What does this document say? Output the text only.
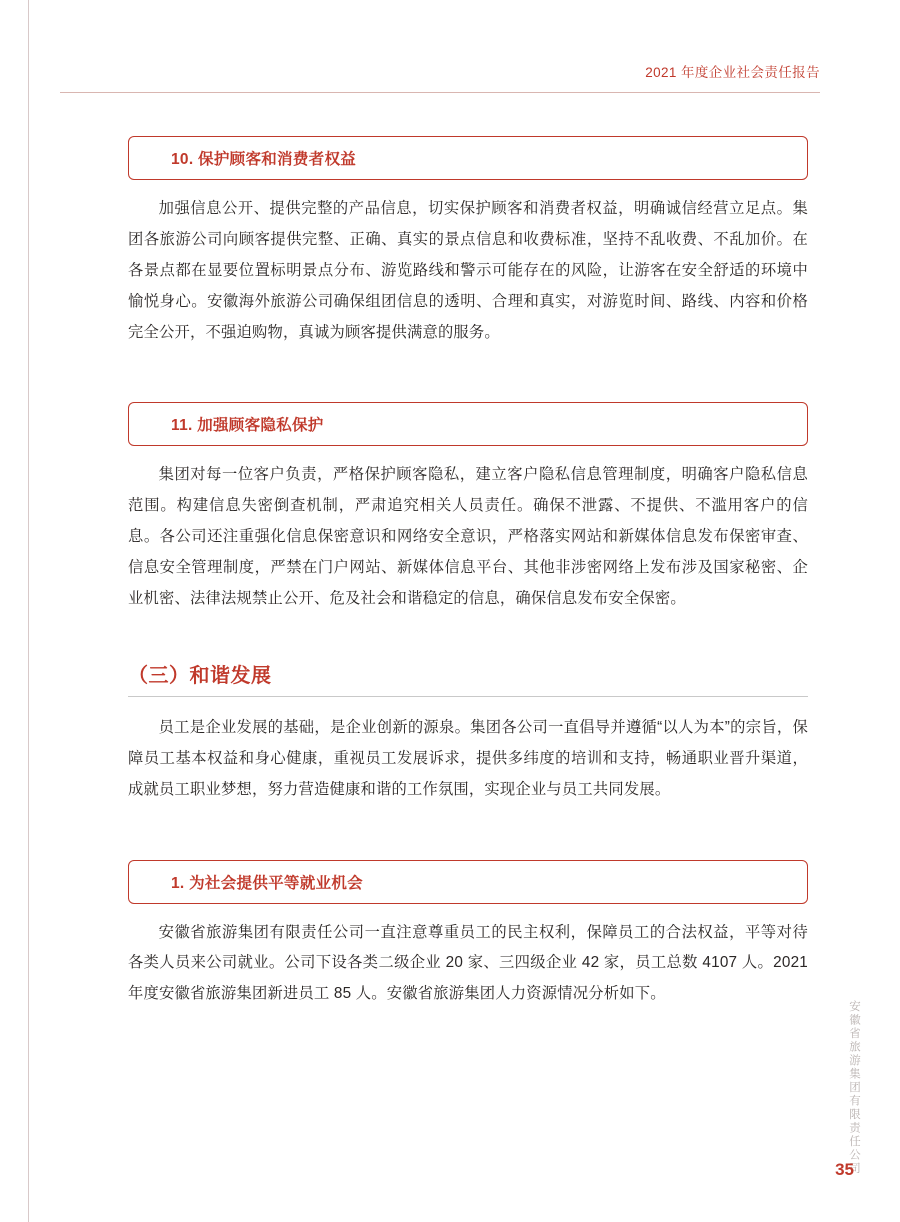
2021 年度企业社会责任报告
10. 保护顾客和消费者权益

加强信息公开、提供完整的产品信息，切实保护顾客和消费者权益，明确诚信经营立足点。集团各旅游公司向顾客提供完整、正确、真实的景点信息和收费标准，坚持不乱收费、不乱加价。在各景点都在显要位置标明景点分布、游览路线和警示可能存在的风险，让游客在安全舒适的环境中愉悦身心。安徽海外旅游公司确保组团信息的透明、合理和真实，对游览时间、路线、内容和价格完全公开，不强迫购物，真诚为顾客提供满意的服务。

11. 加强顾客隐私保护

集团对每一位客户负责，严格保护顾客隐私，建立客户隐私信息管理制度，明确客户隐私信息范围。构建信息失密倒查机制，严肃追究相关人员责任。确保不泄露、不提供、不滥用客户的信息。各公司还注重强化信息保密意识和网络安全意识，严格落实网站和新媒体信息发布保密审查、信息安全管理制度，严禁在门户网站、新媒体信息平台、其他非涉密网络上发布涉及国家秘密、企业机密、法律法规禁止公开、危及社会和谐稳定的信息，确保信息发布安全保密。

（三）和谐发展

员工是企业发展的基础，是企业创新的源泉。集团各公司一直倡导并遵循“以人为本”的宗旨，保障员工基本权益和身心健康，重视员工发展诉求，提供多纬度的培训和支持，畅通职业晋升渠道，成就员工职业梦想，努力营造健康和谐的工作氛围，实现企业与员工共同发展。

1. 为社会提供平等就业机会

安徽省旅游集团有限责任公司一直注意尊重员工的民主权利，保障员工的合法权益，平等对待各类人员来公司就业。公司下设各类二级企业 20 家、三四级企业 42 家，员工总数 4107 人。2021 年度安徽省旅游集团新进员工 85 人。安徽省旅游集团人力资源情况分析如下。

安徽省旅游集团有限责任公司
35
